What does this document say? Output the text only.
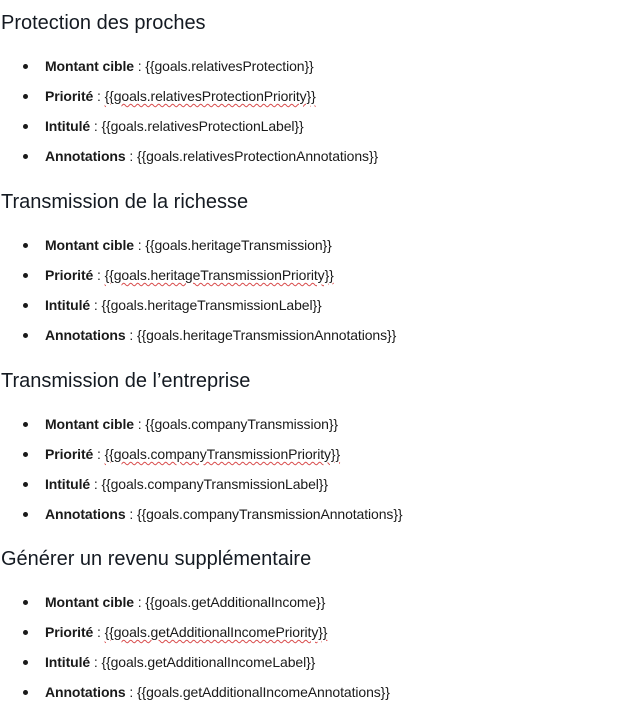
Protection des proches
Montant cible : {{goals.relativesProtection}}
Priorité : {{goals.relativesProtectionPriority}}
Intitulé : {{goals.relativesProtectionLabel}}
Annotations : {{goals.relativesProtectionAnnotations}}
Transmission de la richesse
Montant cible : {{goals.heritageTransmission}}
Priorité : {{goals.heritageTransmissionPriority}}
Intitulé : {{goals.heritageTransmissionLabel}}
Annotations : {{goals.heritageTransmissionAnnotations}}
Transmission de l’entreprise
Montant cible : {{goals.companyTransmission}}
Priorité : {{goals.companyTransmissionPriority}}
Intitulé : {{goals.companyTransmissionLabel}}
Annotations : {{goals.companyTransmissionAnnotations}}
Générer un revenu supplémentaire
Montant cible : {{goals.getAdditionalIncome}}
Priorité : {{goals.getAdditionalIncomePriority}}
Intitulé : {{goals.getAdditionalIncomeLabel}}
Annotations : {{goals.getAdditionalIncomeAnnotations}}
